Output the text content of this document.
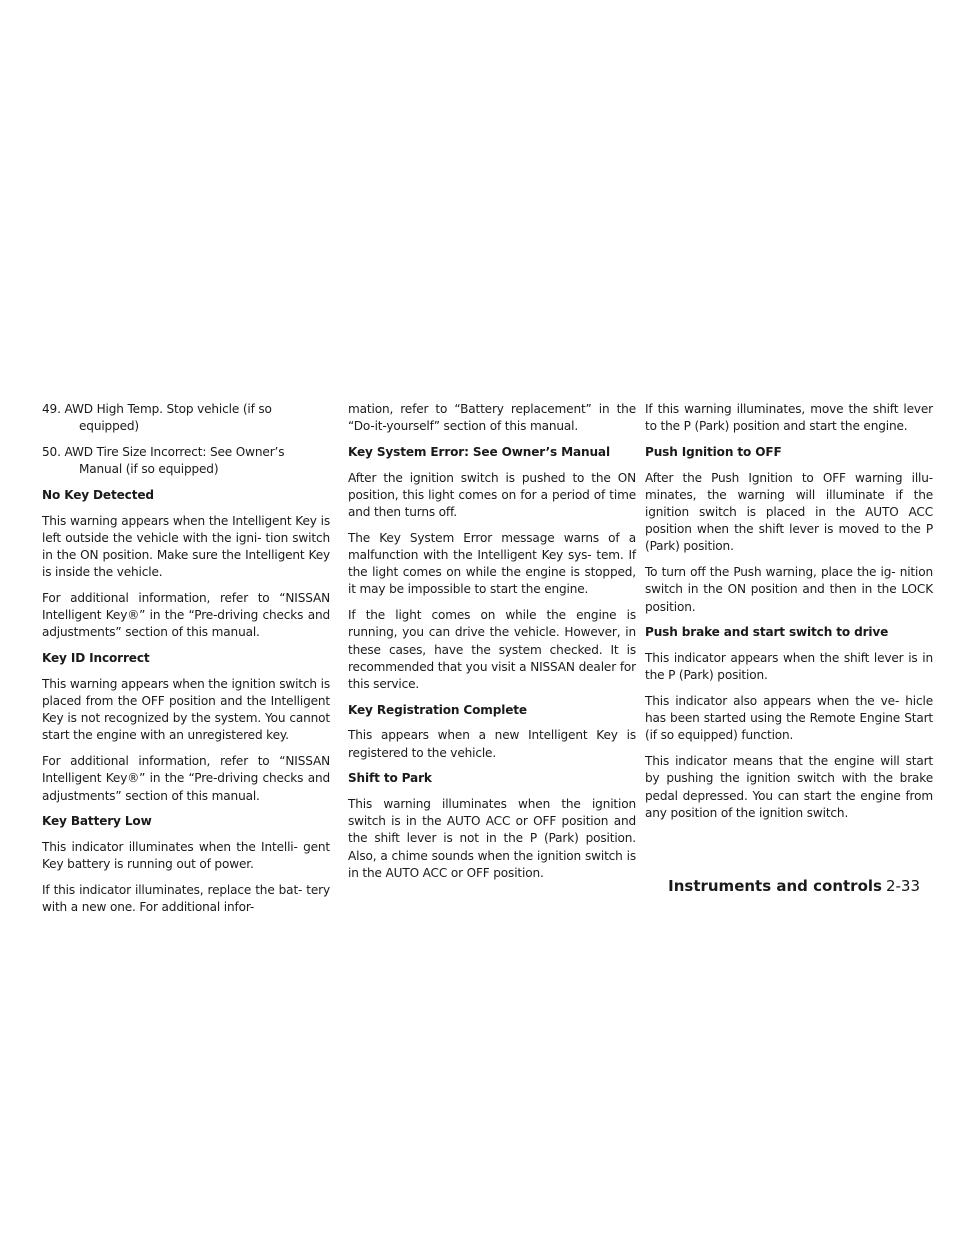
49. AWD High Temp. Stop vehicle (if so
equipped)
50. AWD Tire Size Incorrect: See Owner’s
Manual (if so equipped)

No Key Detected

This warning appears when the Intelligent Key is left outside the vehicle with the igni- tion switch in the ON position. Make sure the Intelligent Key is inside the vehicle.

For additional information, refer to “NISSAN Intelligent Key®” in the “Pre-driving checks and adjustments” section of this manual.

Key ID Incorrect

This warning appears when the ignition switch is placed from the OFF position and the Intelligent Key is not recognized by the system. You cannot start the engine with an unregistered key.

For additional information, refer to “NISSAN Intelligent Key®” in the “Pre-driving checks and adjustments” section of this manual.

Key Battery Low

This indicator illuminates when the Intelli- gent Key battery is running out of power.

If this indicator illuminates, replace the bat- tery with a new one. For additional infor-

mation, refer to “Battery replacement” in the “Do-it-yourself” section of this manual.

Key System Error: See Owner’s Manual

After the ignition switch is pushed to the ON position, this light comes on for a period of time and then turns off.

The Key System Error message warns of a malfunction with the Intelligent Key sys- tem. If the light comes on while the engine is stopped, it may be impossible to start the engine.

If the light comes on while the engine is running, you can drive the vehicle. However, in these cases, have the system checked. It is recommended that you visit a NISSAN dealer for this service.

Key Registration Complete

This appears when a new Intelligent Key is registered to the vehicle.

Shift to Park

This warning illuminates when the ignition switch is in the AUTO ACC or OFF position and the shift lever is not in the P (Park) position. Also, a chime sounds when the ignition switch is in the AUTO ACC or OFF position.

If this warning illuminates, move the shift lever to the P (Park) position and start the engine.

Push Ignition to OFF

After the Push Ignition to OFF warning illu- minates, the warning will illuminate if the ignition switch is placed in the AUTO ACC position when the shift lever is moved to the P (Park) position.

To turn off the Push warning, place the ig- nition switch in the ON position and then in the LOCK position.

Push brake and start switch to drive

This indicator appears when the shift lever is in the P (Park) position.

This indicator also appears when the ve- hicle has been started using the Remote Engine Start (if so equipped) function.

This indicator means that the engine will start by pushing the ignition switch with the brake pedal depressed. You can start the engine from any position of the ignition switch.

Instruments and controls 2-33
